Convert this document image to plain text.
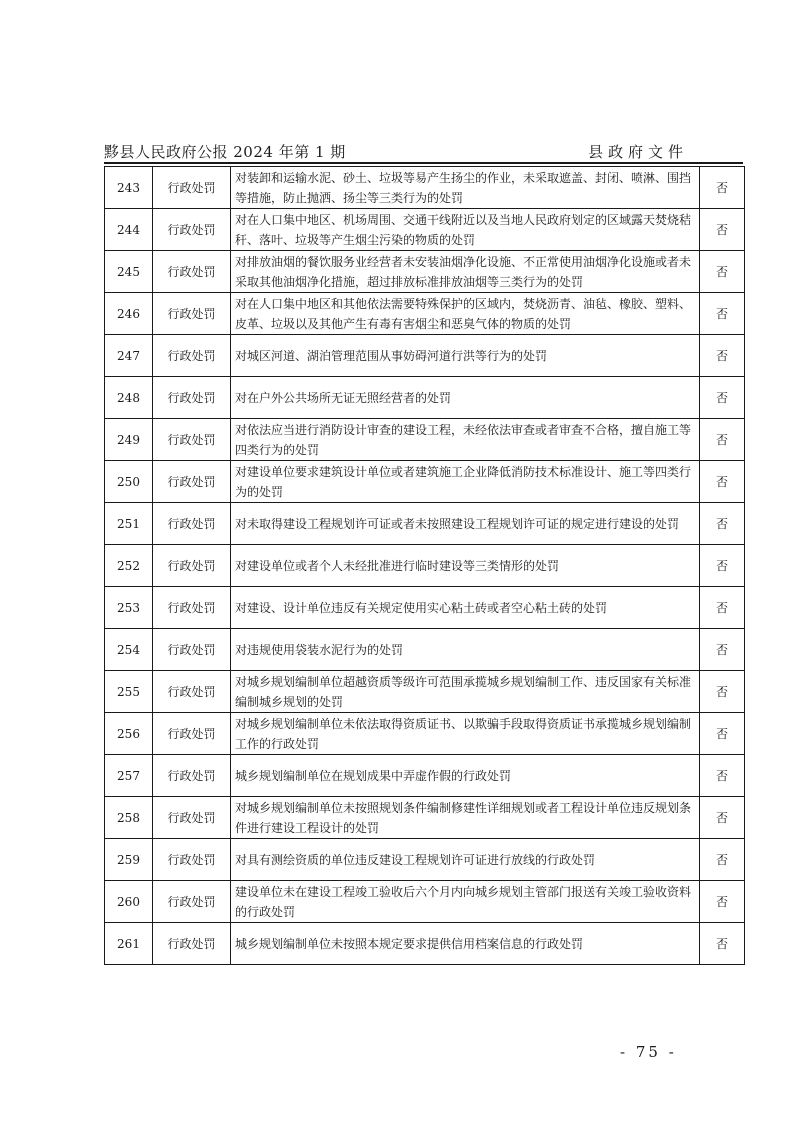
黟县人民政府公报 2024 年第 1 期	县政府文件
243	行政处罚	对装卸和运输水泥、砂土、垃圾等易产生扬尘的作业，未采取遮盖、封闭、喷淋、围挡等措施，防止抛洒、扬尘等三类行为的处罚	否
244	行政处罚	对在人口集中地区、机场周围、交通干线附近以及当地人民政府划定的区域露天焚烧秸秆、落叶、垃圾等产生烟尘污染的物质的处罚	否
245	行政处罚	对排放油烟的餐饮服务业经营者未安装油烟净化设施、不正常使用油烟净化设施或者未采取其他油烟净化措施，超过排放标准排放油烟等三类行为的处罚	否
246	行政处罚	对在人口集中地区和其他依法需要特殊保护的区域内，焚烧沥青、油毡、橡胶、塑料、皮革、垃圾以及其他产生有毒有害烟尘和恶臭气体的物质的处罚	否
247	行政处罚	对城区河道、湖泊管理范围从事妨碍河道行洪等行为的处罚	否
248	行政处罚	对在户外公共场所无证无照经营者的处罚	否
249	行政处罚	对依法应当进行消防设计审查的建设工程，未经依法审查或者审查不合格，擅自施工等四类行为的处罚	否
250	行政处罚	对建设单位要求建筑设计单位或者建筑施工企业降低消防技术标准设计、施工等四类行为的处罚	否
251	行政处罚	对未取得建设工程规划许可证或者未按照建设工程规划许可证的规定进行建设的处罚	否
252	行政处罚	对建设单位或者个人未经批准进行临时建设等三类情形的处罚	否
253	行政处罚	对建设、设计单位违反有关规定使用实心粘土砖或者空心粘土砖的处罚	否
254	行政处罚	对违规使用袋装水泥行为的处罚	否
255	行政处罚	对城乡规划编制单位超越资质等级许可范围承揽城乡规划编制工作、违反国家有关标准编制城乡规划的处罚	否
256	行政处罚	对城乡规划编制单位未依法取得资质证书、以欺骗手段取得资质证书承揽城乡规划编制工作的行政处罚	否
257	行政处罚	城乡规划编制单位在规划成果中弄虚作假的行政处罚	否
258	行政处罚	对城乡规划编制单位未按照规划条件编制修建性详细规划或者工程设计单位违反规划条件进行建设工程设计的处罚	否
259	行政处罚	对具有测绘资质的单位违反建设工程规划许可证进行放线的行政处罚	否
260	行政处罚	建设单位未在建设工程竣工验收后六个月内向城乡规划主管部门报送有关竣工验收资料的行政处罚	否
261	行政处罚	城乡规划编制单位未按照本规定要求提供信用档案信息的行政处罚	否
- 75 -
